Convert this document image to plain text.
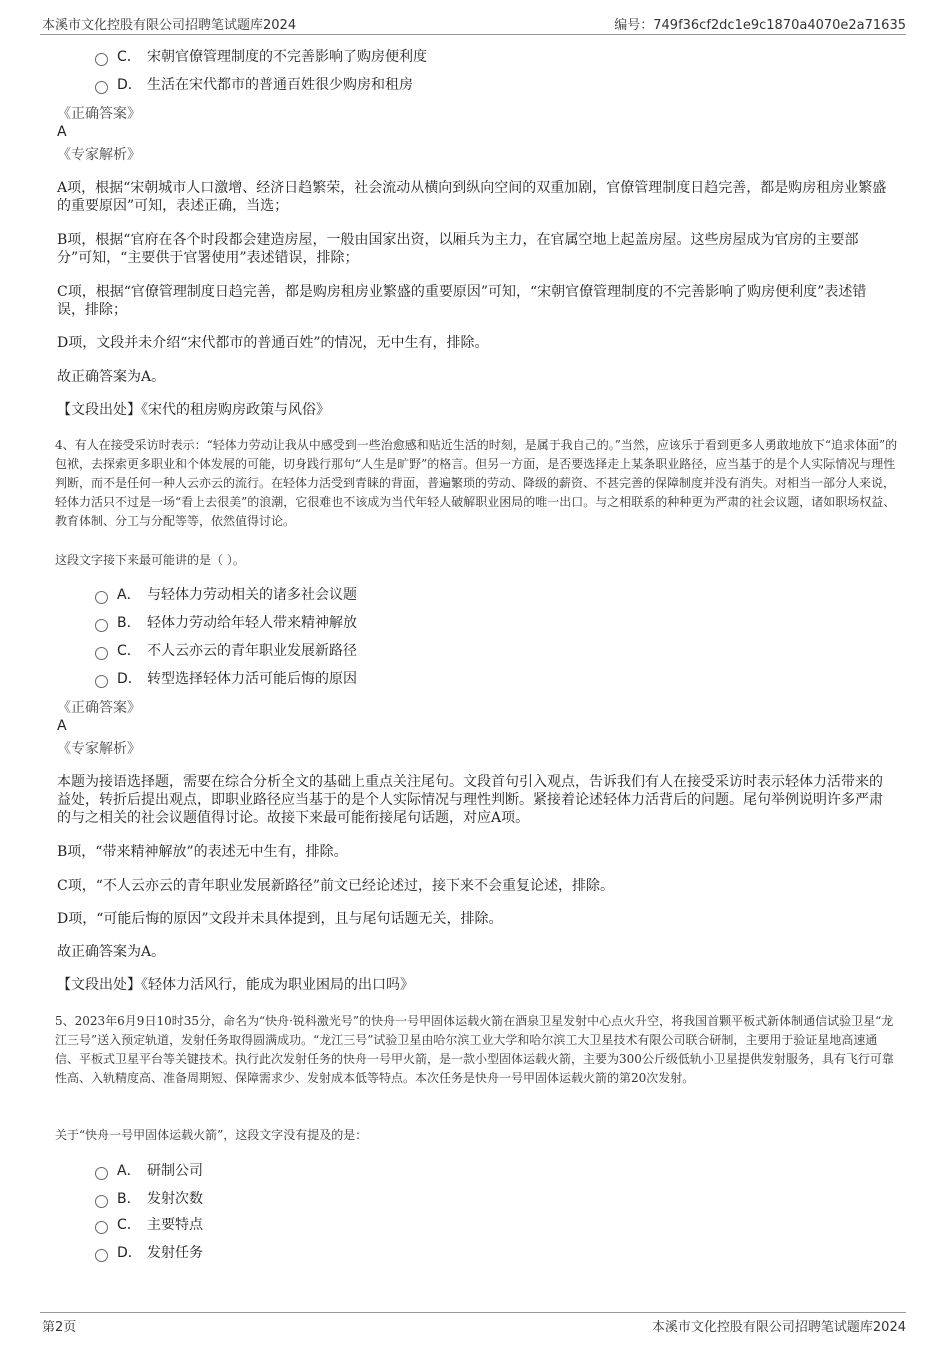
本溪市文化控股有限公司招聘笔试题库2024	编号：749f36cf2dc1e9c1870a4070e2a71635
C． 宋朝官僚管理制度的不完善影响了购房便利度
D． 生活在宋代都市的普通百姓很少购房和租房
《正确答案》
A
《专家解析》
A项，根据“宋朝城市人口激增、经济日趋繁荣，社会流动从横向到纵向空间的双重加剧，官僚管理制度日趋完善，都是购房租房业繁盛的重要原因”可知，表述正确，当选；
B项，根据“官府在各个时段都会建造房屋，一般由国家出资，以厢兵为主力，在官属空地上起盖房屋。这些房屋成为官房的主要部分”可知，“主要供于官署使用”表述错误，排除；
C项，根据“官僚管理制度日趋完善，都是购房租房业繁盛的重要原因”可知，“宋朝官僚管理制度的不完善影响了购房便利度”表述错误，排除；
D项，文段并未介绍“宋代都市的普通百姓”的情况，无中生有，排除。
故正确答案为A。
【文段出处】《宋代的租房购房政策与风俗》
4、有人在接受采访时表示：“轻体力劳动让我从中感受到一些治愈感和贴近生活的时刻，是属于我自己的。”当然，应该乐于看到更多人勇敢地放下“追求体面”的包袱，去探索更多职业和个体发展的可能，切身践行那句“人生是旷野”的格言。但另一方面，是否要选择走上某条职业路径，应当基于的是个人实际情况与理性判断，而不是任何一种人云亦云的流行。在轻体力活受到青睐的背面，普遍繁琐的劳动、降级的薪资、不甚完善的保障制度并没有消失。对相当一部分人来说，轻体力活只不过是一场“看上去很美”的浪潮，它很难也不该成为当代年轻人破解职业困局的唯一出口。与之相联系的种种更为严肃的社会议题，诸如职场权益、教育体制、分工与分配等等，依然值得讨论。
这段文字接下来最可能讲的是（ ）。
A． 与轻体力劳动相关的诸多社会议题
B． 轻体力劳动给年轻人带来精神解放
C． 不人云亦云的青年职业发展新路径
D． 转型选择轻体力活可能后悔的原因
《正确答案》
A
《专家解析》
本题为接语选择题，需要在综合分析全文的基础上重点关注尾句。文段首句引入观点，告诉我们有人在接受采访时表示轻体力活带来的益处，转折后提出观点，即职业路径应当基于的是个人实际情况与理性判断。紧接着论述轻体力活背后的问题。尾句举例说明许多严肃的与之相关的社会议题值得讨论。故接下来最可能衔接尾句话题，对应A项。
B项，“带来精神解放”的表述无中生有，排除。
C项，“不人云亦云的青年职业发展新路径”前文已经论述过，接下来不会重复论述，排除。
D项，“可能后悔的原因”文段并未具体提到，且与尾句话题无关，排除。
故正确答案为A。
【文段出处】《轻体力活风行，能成为职业困局的出口吗》
5、2023年6月9日10时35分，命名为“快舟·锐科激光号”的快舟一号甲固体运载火箭在酒泉卫星发射中心点火升空，将我国首颗平板式新体制通信试验卫星“龙江三号”送入预定轨道，发射任务取得圆满成功。“龙江三号”试验卫星由哈尔滨工业大学和哈尔滨工大卫星技术有限公司联合研制，主要用于验证星地高速通信、平板式卫星平台等关键技术。执行此次发射任务的快舟一号甲火箭，是一款小型固体运载火箭，主要为300公斤级低轨小卫星提供发射服务，具有飞行可靠性高、入轨精度高、准备周期短、保障需求少、发射成本低等特点。本次任务是快舟一号甲固体运载火箭的第20次发射。
关于“快舟一号甲固体运载火箭”，这段文字没有提及的是：
A． 研制公司
B． 发射次数
C． 主要特点
D． 发射任务
第2页	本溪市文化控股有限公司招聘笔试题库2024
